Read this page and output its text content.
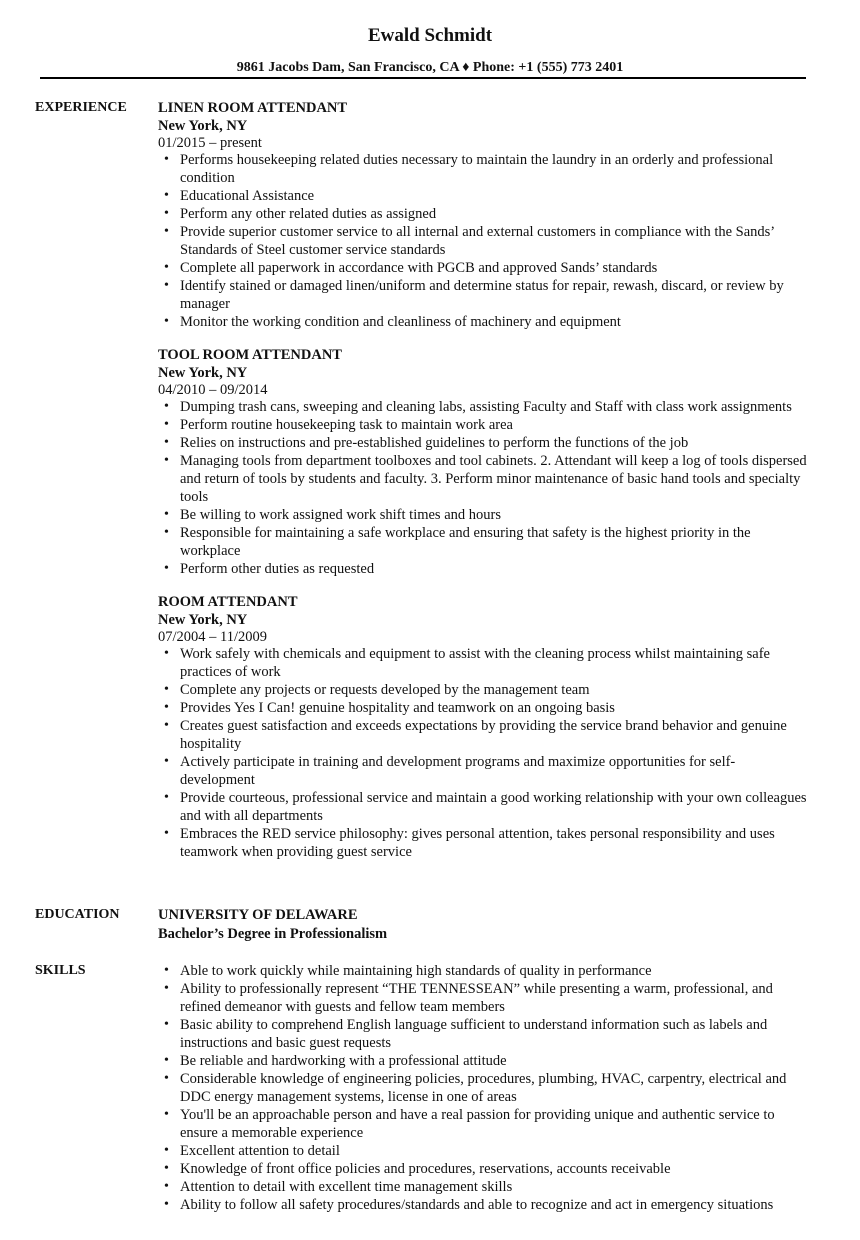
Ewald Schmidt
9861 Jacobs Dam, San Francisco, CA ♦ Phone: +1 (555) 773 2401
EXPERIENCE	LINEN ROOM ATTENDANT
New York, NY
01/2015 – present
• Performs housekeeping related duties necessary to maintain the laundry in an orderly and professional condition
• Educational Assistance
• Perform any other related duties as assigned
• Provide superior customer service to all internal and external customers in compliance with the Sands’ Standards of Steel customer service standards
• Complete all paperwork in accordance with PGCB and approved Sands’ standards
• Identify stained or damaged linen/uniform and determine status for repair, rewash, discard, or review by manager
• Monitor the working condition and cleanliness of machinery and equipment
TOOL ROOM ATTENDANT
New York, NY
04/2010 – 09/2014
• Dumping trash cans, sweeping and cleaning labs, assisting Faculty and Staff with class work assignments
• Perform routine housekeeping task to maintain work area
• Relies on instructions and pre-established guidelines to perform the functions of the job
• Managing tools from department toolboxes and tool cabinets. 2. Attendant will keep a log of tools dispersed and return of tools by students and faculty. 3. Perform minor maintenance of basic hand tools and specialty tools
• Be willing to work assigned work shift times and hours
• Responsible for maintaining a safe workplace and ensuring that safety is the highest priority in the workplace
• Perform other duties as requested
ROOM ATTENDANT
New York, NY
07/2004 – 11/2009
• Work safely with chemicals and equipment to assist with the cleaning process whilst maintaining safe practices of work
• Complete any projects or requests developed by the management team
• Provides Yes I Can! genuine hospitality and teamwork on an ongoing basis
• Creates guest satisfaction and exceeds expectations by providing the service brand behavior and genuine hospitality
• Actively participate in training and development programs and maximize opportunities for self-development
• Provide courteous, professional service and maintain a good working relationship with your own colleagues and with all departments
• Embraces the RED service philosophy: gives personal attention, takes personal responsibility and uses teamwork when providing guest service
EDUCATION	UNIVERSITY OF DELAWARE
Bachelor’s Degree in Professionalism
SKILLS
•	Able to work quickly while maintaining high standards of quality in performance
• Ability to professionally represent “THE TENNESSEAN” while presenting a warm, professional, and refined demeanor with guests and fellow team members
• Basic ability to comprehend English language sufficient to understand information such as labels and instructions and basic guest requests
• Be reliable and hardworking with a professional attitude
• Considerable knowledge of engineering policies, procedures, plumbing, HVAC, carpentry, electrical and DDC energy management systems, license in one of areas
• You'll be an approachable person and have a real passion for providing unique and authentic service to ensure a memorable experience
• Excellent attention to detail
• Knowledge of front office policies and procedures, reservations, accounts receivable
• Attention to detail with excellent time management skills
• Ability to follow all safety procedures/standards and able to recognize and act in emergency situations
